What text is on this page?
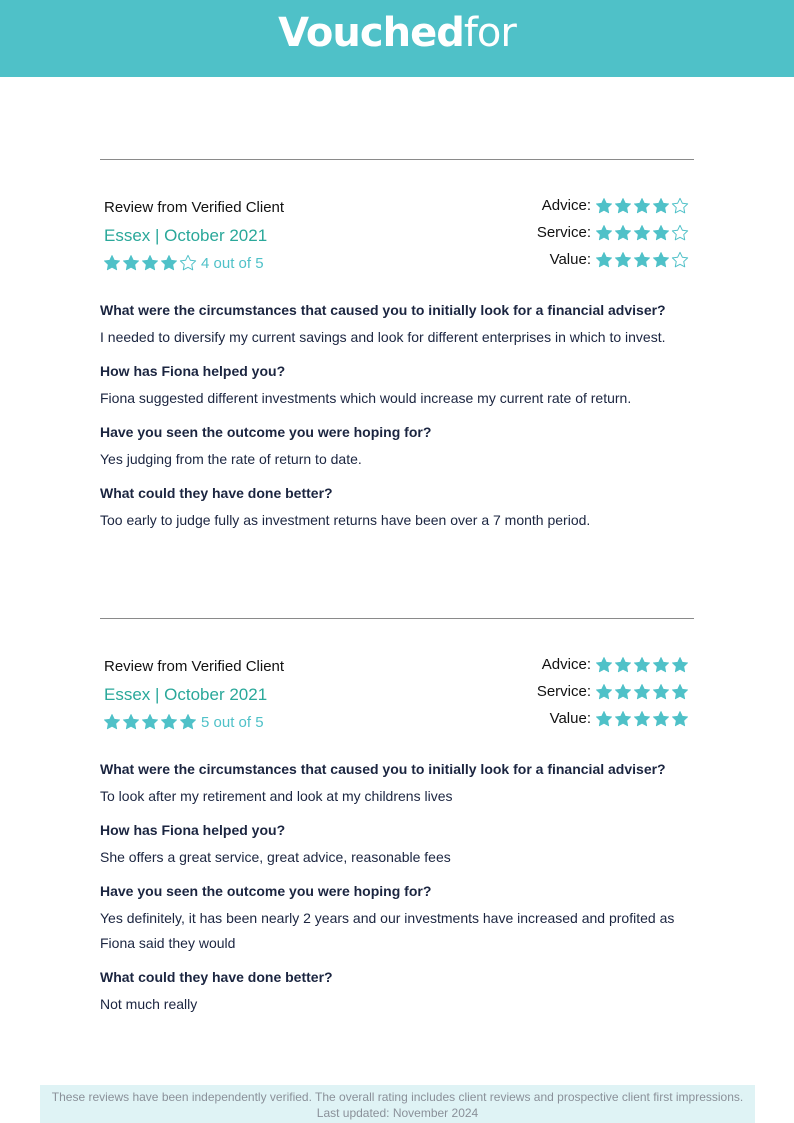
Vouchedfor
Review from Verified Client
Essex | October 2021
4 out of 5
Advice:
Service:
Value:
What were the circumstances that caused you to initially look for a financial adviser?
I needed to diversify my current savings and look for different enterprises in which to invest.
How has Fiona helped you?
Fiona suggested different investments which would increase my current rate of return.
Have you seen the outcome you were hoping for?
Yes judging from the rate of return to date.
What could they have done better?
Too early to judge fully as investment returns have been over a 7 month period.
Review from Verified Client
Essex | October 2021
5 out of 5
Advice:
Service:
Value:
What were the circumstances that caused you to initially look for a financial adviser?
To look after my retirement and look at my childrens lives
How has Fiona helped you?
She offers a great service, great advice, reasonable fees
Have you seen the outcome you were hoping for?
Yes definitely, it has been nearly 2 years and our investments have increased and profited as Fiona said they would
What could they have done better?
Not much really
These reviews have been independently verified. The overall rating includes client reviews and prospective client first impressions. Last updated: November 2024
